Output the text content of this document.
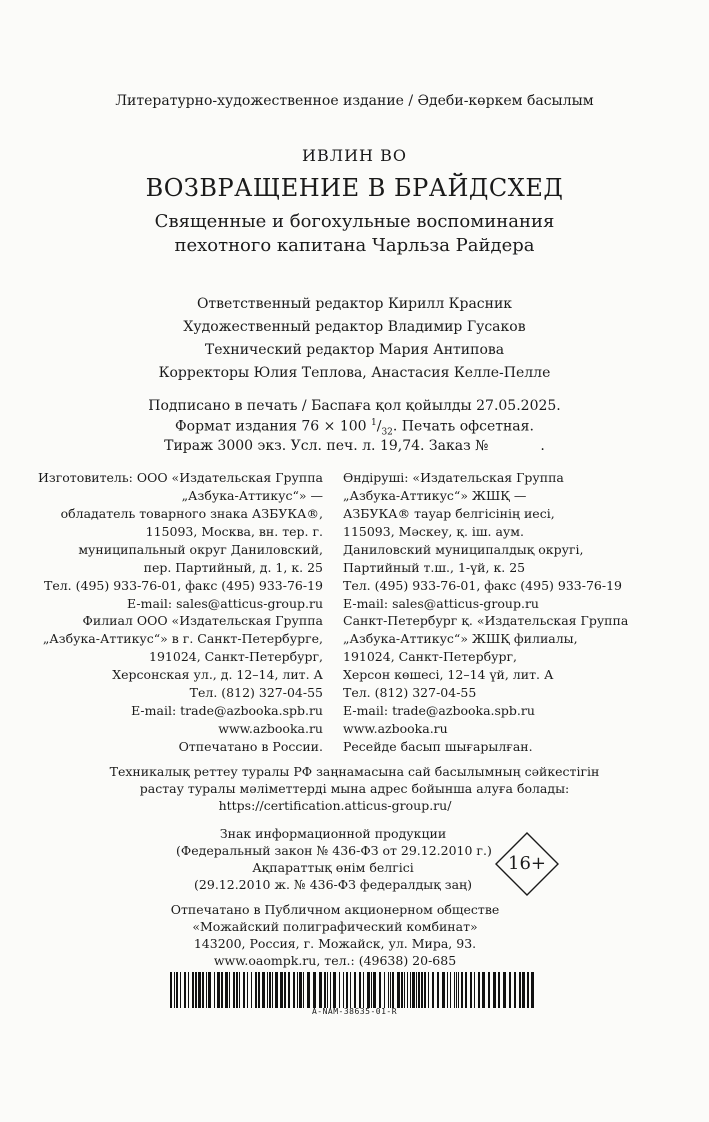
Литературно-художественное издание / Әдеби-көркем басылым
ИВЛИН ВО
ВОЗВРАЩЕНИЕ В БРАЙДСХЕД
Священные и богохульные воспоминания
пехотного капитана Чарльза Райдера
Ответственный редактор Кирилл Красник
Художественный редактор Владимир Гусаков
Технический редактор Мария Антипова
Корректоры Юлия Теплова, Анастасия Келле-Пелле
Подписано в печать / Баспаға қол қойылды 27.05.2025.
Формат издания 76 × 100 $^1/_{32}$. Печать офсетная.
Тираж 3000 экз. Усл. печ. л. 19,74. Заказ №	.
Изготовитель: ООО «Издательская Группа
„Азбука-Аттикус“» —
обладатель товарного знака АЗБУКА®,
115093, Москва, вн. тер. г.
муниципальный округ Даниловский,
пер. Партийный, д. 1, к. 25
Тел. (495) 933-76-01, факс (495) 933-76-19
E-mail: sales@atticus-group.ru
Өндіруші: «Издательская Группа
„Азбука-Аттикус“» ЖШҚ —
АЗБУКА® тауар белгісінің иесі,
115093, Мәскеу, қ. іш. аум.
Даниловский муниципалдық округі,
Партийный т.ш., 1-үй, к. 25
Тел. (495) 933-76-01, факс (495) 933-76-19
E-mail: sales@atticus-group.ru
Филиал ООО «Издательская Группа
„Азбука-Аттикус“» в г. Санкт-Петербурге,
191024, Санкт-Петербург,
Херсонская ул., д. 12–14, лит. А
Тел. (812) 327-04-55
E-mail: trade@azbooka.spb.ru
Санкт-Петербург қ. «Издательская Группа
„Азбука-Аттикус“» ЖШҚ филиалы,
191024, Санкт-Петербург,
Херсон көшесі, 12–14 үй, лит. А
Тел. (812) 327-04-55
E-mail: trade@azbooka.spb.ru
www.azbooka.ru
Отпечатано в России.
www.azbooka.ru
Ресейде басып шығарылған.
Техникалық реттеу туралы РФ заңнамасына сай басылымның сәйкестігін
растау туралы мәліметтерді мына адрес бойынша алуға болады:
https://certification.atticus-group.ru/
Знак информационной продукции
(Федеральный закон № 436-ФЗ от 29.12.2010 г.)
Ақпараттық өнім белгісі
(29.12.2010 ж. № 436-ФЗ федералдық заң)
16+
Отпечатано в Публичном акционерном обществе
«Можайский полиграфический комбинат»
143200, Россия, г. Можайск, ул. Мира, 93.
www.oaompk.ru, тел.: (49638) 20-685
A-NAM-38635-01-R
